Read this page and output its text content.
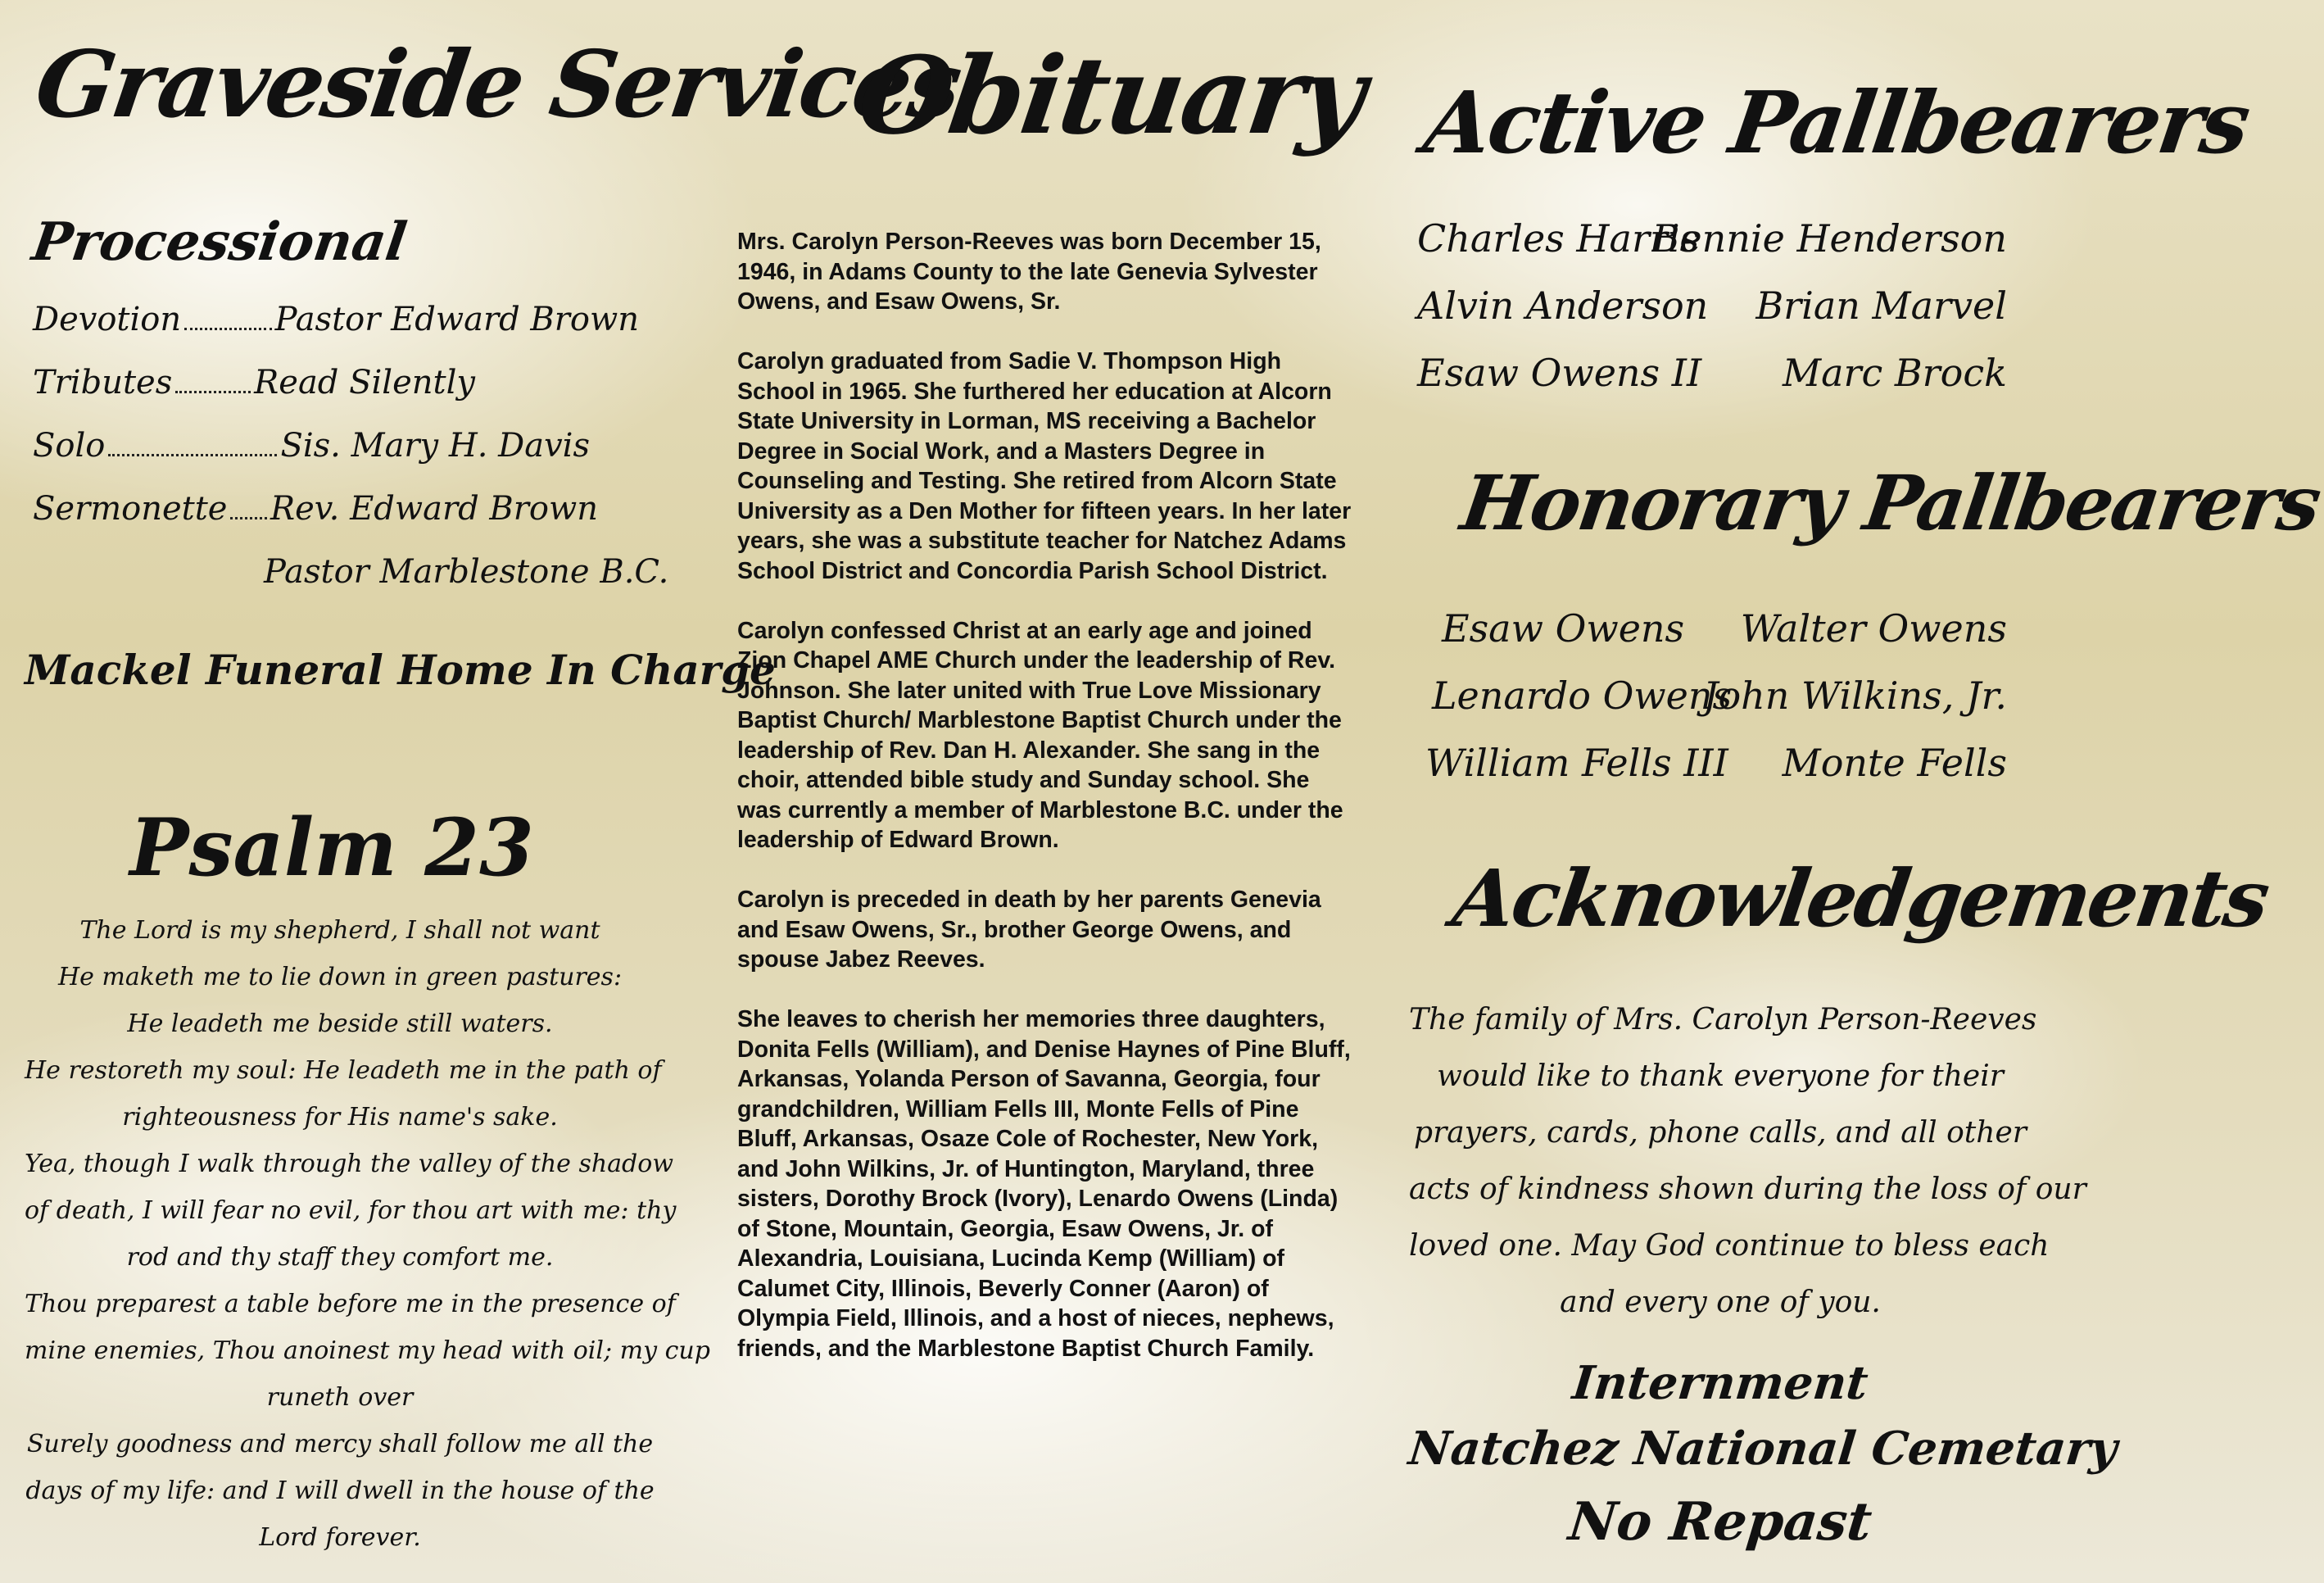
Graveside Services
Processional
Devotion	Pastor Edward Brown
Tributes Read Silently
Solo	Sis. Mary H. Davis
Sermonette Rev. Edward Brown
Pastor Marblestone B.C.
Mackel Funeral Home In Charge
Psalm 23
The Lord is my shepherd, I shall not want
He maketh me to lie down in green pastures:
He leadeth me beside still waters.
He restoreth my soul: He leadeth me in the path of
righteousness for His name's sake.
Yea, though I walk through the valley of the shadow
of death, I will fear no evil, for thou art with me: thy
rod and thy staff they comfort me.
Thou preparest a table before me in the presence of
mine enemies, Thou anoinest my head with oil; my cup
runeth over
Surely goodness and mercy shall follow me all the
days of my life: and I will dwell in the house of the
Lord forever.
Obituary

Mrs. Carolyn Person-Reeves was born December 15, 1946, in Adams County to the late Genevia Sylvester Owens, and Esaw Owens, Sr.

Carolyn graduated from Sadie V. Thompson High School in 1965. She furthered her education at Alcorn State University in Lorman, MS receiving a Bachelor Degree in Social Work, and a Masters Degree in Counseling and Testing. She retired from Alcorn State University as a Den Mother for fifteen years. In her later years, she was a substitute teacher for Natchez Adams School District and Concordia Parish School District.

Carolyn confessed Christ at an early age and joined Zion Chapel AME Church under the leadership of Rev. Johnson. She later united with True Love Missionary Baptist Church/ Marblestone Baptist Church under the leadership of Rev. Dan H. Alexander. She sang in the choir, attended bible study and Sunday school. She was currently a member of Marblestone B.C. under the leadership of Edward Brown.

Carolyn is preceded in death by her parents Genevia and Esaw Owens, Sr., brother George Owens, and spouse Jabez Reeves.

She leaves to cherish her memories three daughters, Donita Fells (William), and Denise Haynes of Pine Bluff, Arkansas, Yolanda Person of Savanna, Georgia, four grandchildren, William Fells III, Monte Fells of Pine Bluff, Arkansas, Osaze Cole of Rochester, New York, and John Wilkins, Jr. of Huntington, Maryland, three sisters, Dorothy Brock (Ivory), Lenardo Owens (Linda) of Stone, Mountain, Georgia, Esaw Owens, Jr. of Alexandria, Louisiana, Lucinda Kemp (William) of Calumet City, Illinois, Beverly Conner (Aaron) of Olympia Field, Illinois, and a host of nieces, nephews, friends, and the Marblestone Baptist Church Family.

Active Pallbearers
Charles Harris
Alvin Anderson
Esaw Owens II
Bennie Henderson
Brian Marvel
Marc Brock
Honorary Pallbearers
Esaw Owens
Lenardo Owens
William Fells III
Walter Owens
John Wilkins, Jr.
Monte Fells
Acknowledgements
The family of Mrs. Carolyn Person-Reeves
would like to thank everyone for their
prayers, cards, phone calls, and all other
acts of kindness shown during the loss of our
loved one. May God continue to bless each
and every one of you.
Internment
Natchez National Cemetary
No Repast
